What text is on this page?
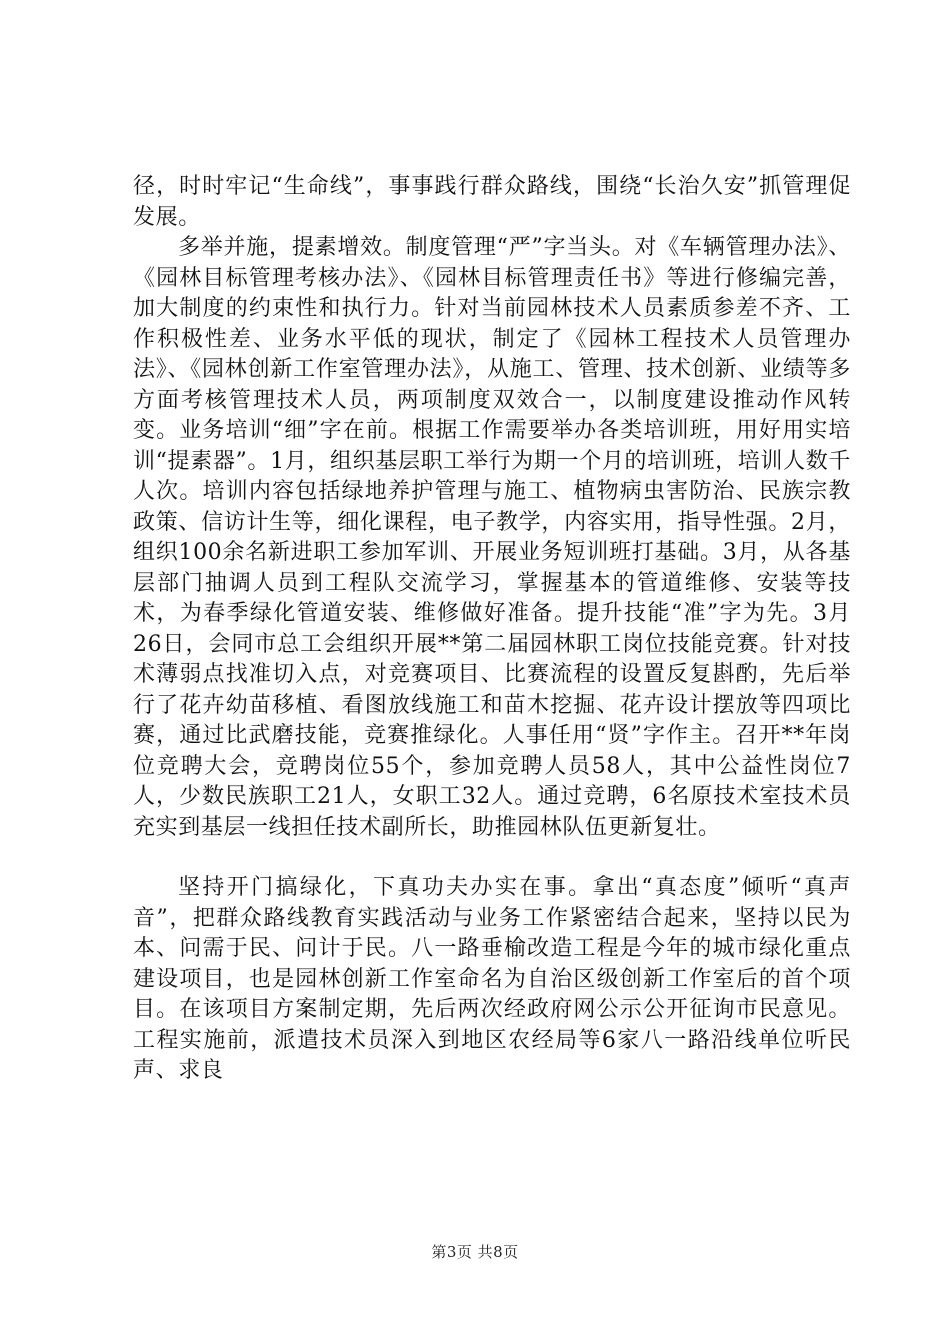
径，时时牢记“生命线”，事事践行群众路线，围绕“长治久安”抓管理促发展。

多举并施，提素增效。制度管理“严”字当头。对《车辆管理办法》、《园林目标管理考核办法》、《园林目标管理责任书》等进行修编完善，加大制度的约束性和执行力。针对当前园林技术人员素质参差不齐、工作积极性差、业务水平低的现状，制定了《园林工程技术人员管理办法》、《园林创新工作室管理办法》，从施工、管理、技术创新、业绩等多方面考核管理技术人员，两项制度双效合一，以制度建设推动作风转变。业务培训“细”字在前。根据工作需要举办各类培训班，用好用实培训“提素器”。1月，组织基层职工举行为期一个月的培训班，培训人数千人次。培训内容包括绿地养护管理与施工、植物病虫害防治、民族宗教政策、信访计生等，细化课程，电子教学，内容实用，指导性强。2月，组织100余名新进职工参加军训、开展业务短训班打基础。3月，从各基层部门抽调人员到工程队交流学习，掌握基本的管道维修、安装等技术，为春季绿化管道安装、维修做好准备。提升技能“准”字为先。3月26日，会同市总工会组织开展**第二届园林职工岗位技能竞赛。针对技术薄弱点找准切入点，对竞赛项目、比赛流程的设置反复斟酌，先后举行了花卉幼苗移植、看图放线施工和苗木挖掘、花卉设计摆放等四项比赛，通过比武磨技能，竞赛推绿化。人事任用“贤”字作主。召开**年岗位竞聘大会，竞聘岗位55个，参加竞聘人员58人，其中公益性岗位7人，少数民族职工21人，女职工32人。通过竞聘，6名原技术室技术员充实到基层一线担任技术副所长，助推园林队伍更新复壮。

坚持开门搞绿化，下真功夫办实在事。拿出“真态度”倾听“真声音”，把群众路线教育实践活动与业务工作紧密结合起来，坚持以民为本、问需于民、问计于民。八一路垂榆改造工程是今年的城市绿化重点建设项目，也是园林创新工作室命名为自治区级创新工作室后的首个项目。在该项目方案制定期，先后两次经政府网公示公开征询市民意见。工程实施前，派遣技术员深入到地区农经局等6家八一路沿线单位听民声、求良

第3页 共8页
